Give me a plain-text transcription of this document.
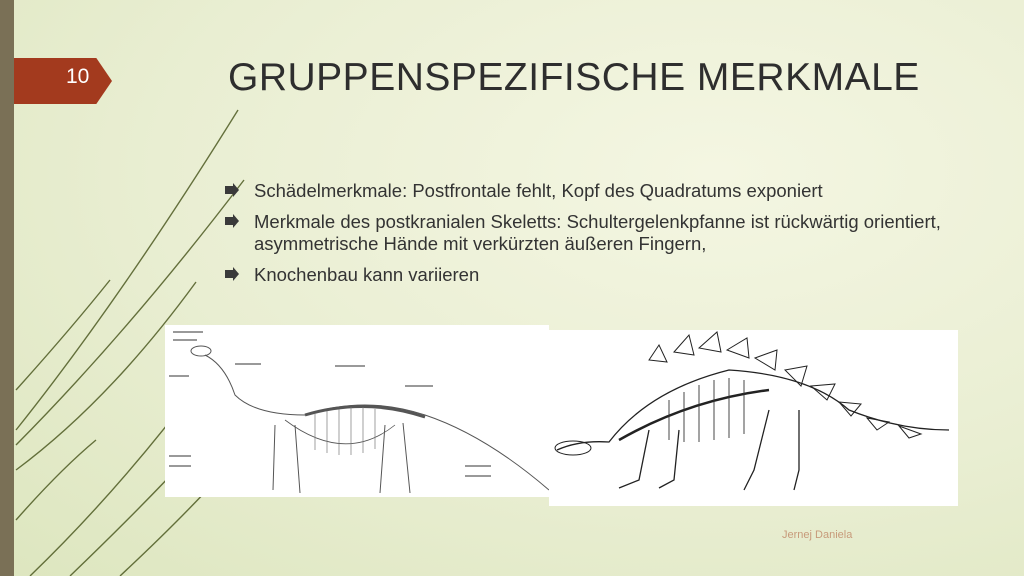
10	GRUPPENSPEZIFISCHE MERKMALE
Schädelmerkmale: Postfrontale fehlt, Kopf des Quadratums exponiert
Merkmale des postkranialen Skeletts: Schultergelenkpfanne ist rückwärtig orientiert, asymmetrische Hände mit verkürzten äußeren Fingern,
Knochenbau kann variieren
Jernej Daniela
